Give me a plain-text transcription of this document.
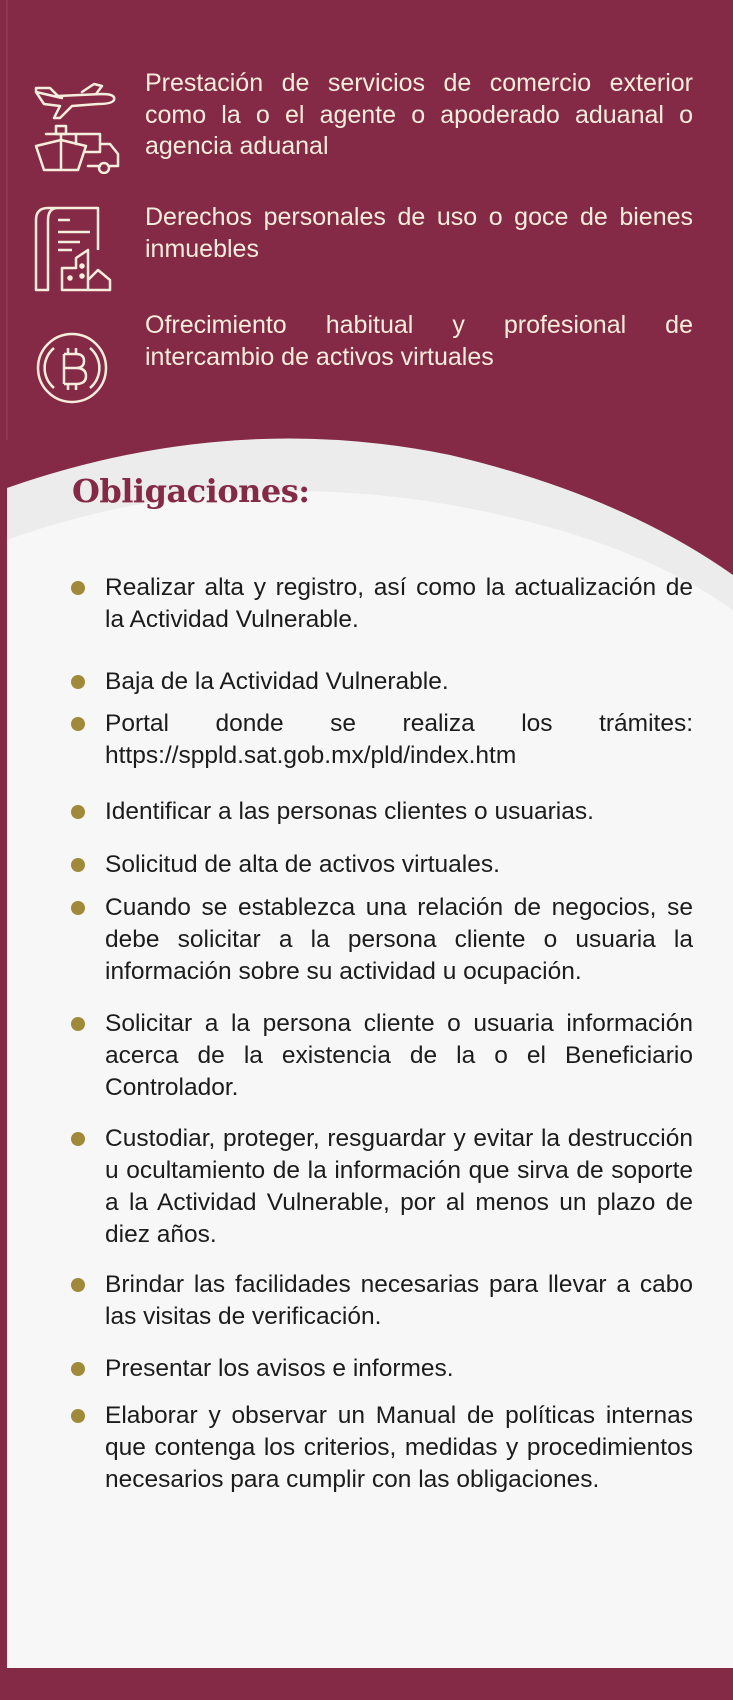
Prestación de servicios de comercio exterior como la o el agente o apoderado aduanal o agencia aduanal
Derechos personales de uso o goce de bienes inmuebles
Ofrecimiento habitual y profesional de intercambio de activos virtuales
Obligaciones:
Realizar alta y registro, así como la actualización de la Actividad Vulnerable.
Baja de la Actividad Vulnerable.
Portal donde se realiza los trámites: https://sppld.sat.gob.mx/pld/index.htm
Identificar a las personas clientes o usuarias.
Solicitud de alta de activos virtuales.
Cuando se establezca una relación de negocios, se debe solicitar a la persona cliente o usuaria la información sobre su actividad u ocupación.
Solicitar a la persona cliente o usuaria información acerca de la existencia de la o el Beneficiario Controlador.
Custodiar, proteger, resguardar y evitar la destrucción u ocultamiento de la información que sirva de soporte a la Actividad Vulnerable, por al menos un plazo de diez años.
Brindar las facilidades necesarias para llevar a cabo las visitas de verificación.
Presentar los avisos e informes.
Elaborar y observar un Manual de políticas internas que contenga los criterios, medidas y procedimientos necesarios para cumplir con las obligaciones.
